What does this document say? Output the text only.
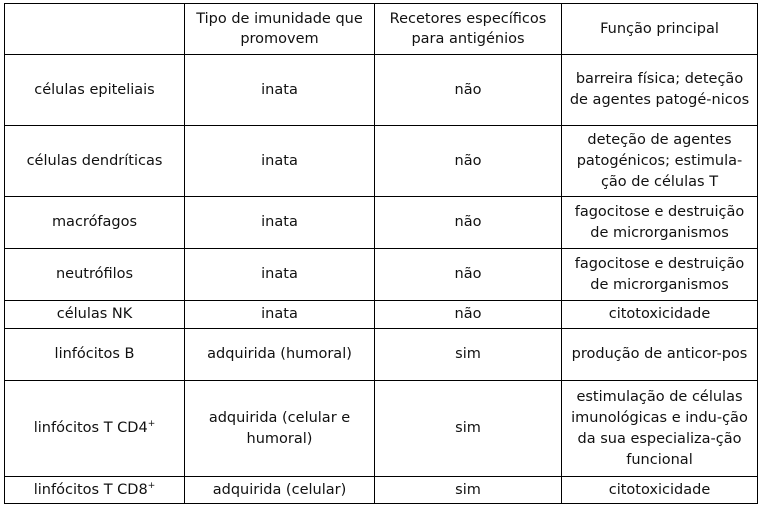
	Tipo de imunidade que promovem	Recetores específicos para antigénios	Função principal
células epiteliais	inata	não	barreira física; deteção de agentes patogé-nicos
células dendríticas	inata	não	deteção de agentes patogénicos; estimula-ção de células T
macrófagos	inata	não	fagocitose e destruição de microrganismos
neutrófilos	inata	não	fagocitose e destruição de microrganismos
células NK	inata	não	citotoxicidade
linfócitos B	adquirida (humoral)	sim	produção de anticor-pos
linfócitos T CD4+	adquirida (celular e humoral)	sim	estimulação de células imunológicas e indu-ção da sua especializa-ção funcional
linfócitos T CD8+	adquirida (celular)	sim	citotoxicidade
